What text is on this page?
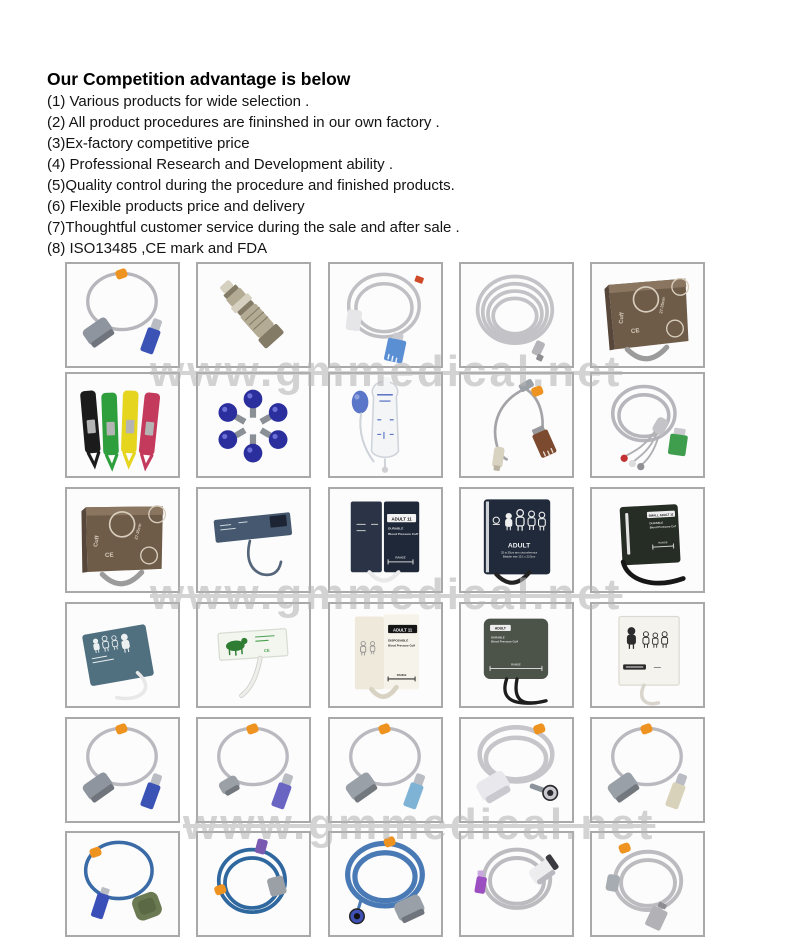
Our Competition advantage is below
(1) Various products for wide selection .
(2) All product procedures are fininshed in our own factory .
(3)Ex-factory competitive price
(4) Professional Research and Development ability .
(5)Quality control during the procedure and finished products.
(6) Flexible products price and delivery
(7)Thoughtful customer service during the sale and after sale .
(8) ISO13485 ,CE mark and FDA
Cuff
27-35cm
CE
Cuff
27-35cm
CE
ADULT 11
DURABLE
Blood Pressure Cuff
RANGE
ADULT
25 to 35cm arm circumference
Bladder size 15.1 x 23.5cm
SMALL ADULT 11
DURABLE
Blood Pressure Cuf
RANGE
CE
ADULT 11
DISPOSABLE
Blood Pressure Cuff
RANGE
ADULT
DURABLE
Blood Pressure Cuff
RANGE
www.gmmedical.net
www.gmmedical.net
www.gmmedical.net
